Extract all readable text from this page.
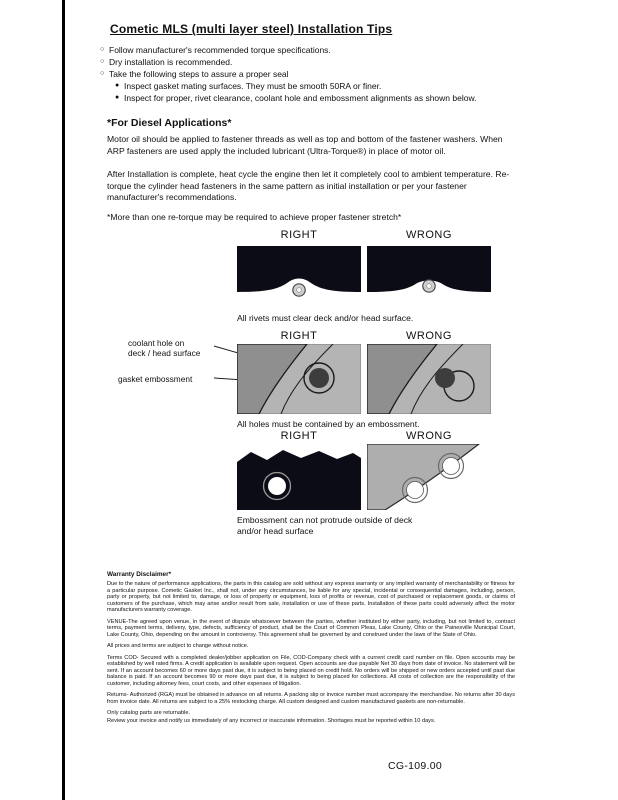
Cometic MLS (multi layer steel) Installation Tips
○ Follow manufacturer's recommended torque specifications.
○ Dry installation is recommended.
○ Take the following steps to assure a proper seal
● Inspect gasket mating surfaces. They must be smooth 50RA or finer.
● Inspect for proper, rivet clearance, coolant hole and embossment alignments as shown below.
*For Diesel Applications*
Motor oil should be applied to fastener threads as well as top and bottom of the fastener washers. When ARP fasteners are used apply the included lubricant (Ultra-Torque®) in place of motor oil.
After Installation is complete, heat cycle the engine then let it completely cool to ambient temperature. Re-torque the cylinder head fasteners in the same pattern as initial installation or per your fastener manufacturer's recommendations.
*More than one re-torque may be required to achieve proper fastener stretch*
RIGHT	WRONG
All rivets must clear deck and/or head surface.
RIGHT	WRONG
coolant hole on
deck / head surface
gasket embossment
All holes must be contained by an embossment.
RIGHT	WRONG
Embossment can not protrude outside of deck
and/or head surface
Warranty Disclaimer*

Due to the nature of performance applications, the parts in this catalog are sold without any express warranty or any implied warranty of merchantability or fitness for a particular purpose. Cometic Gasket Inc., shall not, under any circumstances, be liable for any special, incidental or consequential damages, including, person, party or property, but not limited to, damage, or loss of property or equipment, loss of profits or revenue, cost of purchased or replacement goods, or claims of customers of the purchase, which may arise and/or result from sale, installation or use of these parts. Installation of these parts could adversely affect the motor manufacturers warranty coverage.

VENUE-The agreed upon venue, in the event of dispute whatsoever between the parties, whether instituted by either party, including, but not limited to, contract terms, payment terms, delivery, type, defects, sufficiency of product, shall be the Court of Common Pleas, Lake County, Ohio or the Painesville Municipal Court, Lake County, Ohio, depending on the amount in controversy. This agreement shall be governed by and construed under the laws of the State of Ohio.

All prices and terms are subject to change without notice.

Terms COD- Secured with a completed dealer/jobber application on File, COD-Company check with a current credit card number on file. Open accounts may be established by well rated firms. A credit application is available upon request. Open accounts are due payable Net 30 days from date of invoice. No statement will be sent. If an account becomes 60 or more days past due, it is subject to being placed on credit hold. No orders will be shipped or new orders accepted until past due balance is paid. If an account becomes 90 or more days past due, it is subject to being placed for collections. All costs of collection are the responsibility of the customer, including attorney fees, court costs, and other expenses of litigation.

Returns- Authorized (RGA) must be obtained in advance on all returns. A packing slip or invoice number must accompany the merchandise. No returns after 30 days from invoice date. All returns are subject to a 25% restocking charge. All custom designed and custom manufactured gaskets are non-returnable.

Only catalog parts are returnable.

Review your invoice and notify us immediately of any incorrect or inaccurate information. Shortages must be reported within 10 days.

CG-109.00
